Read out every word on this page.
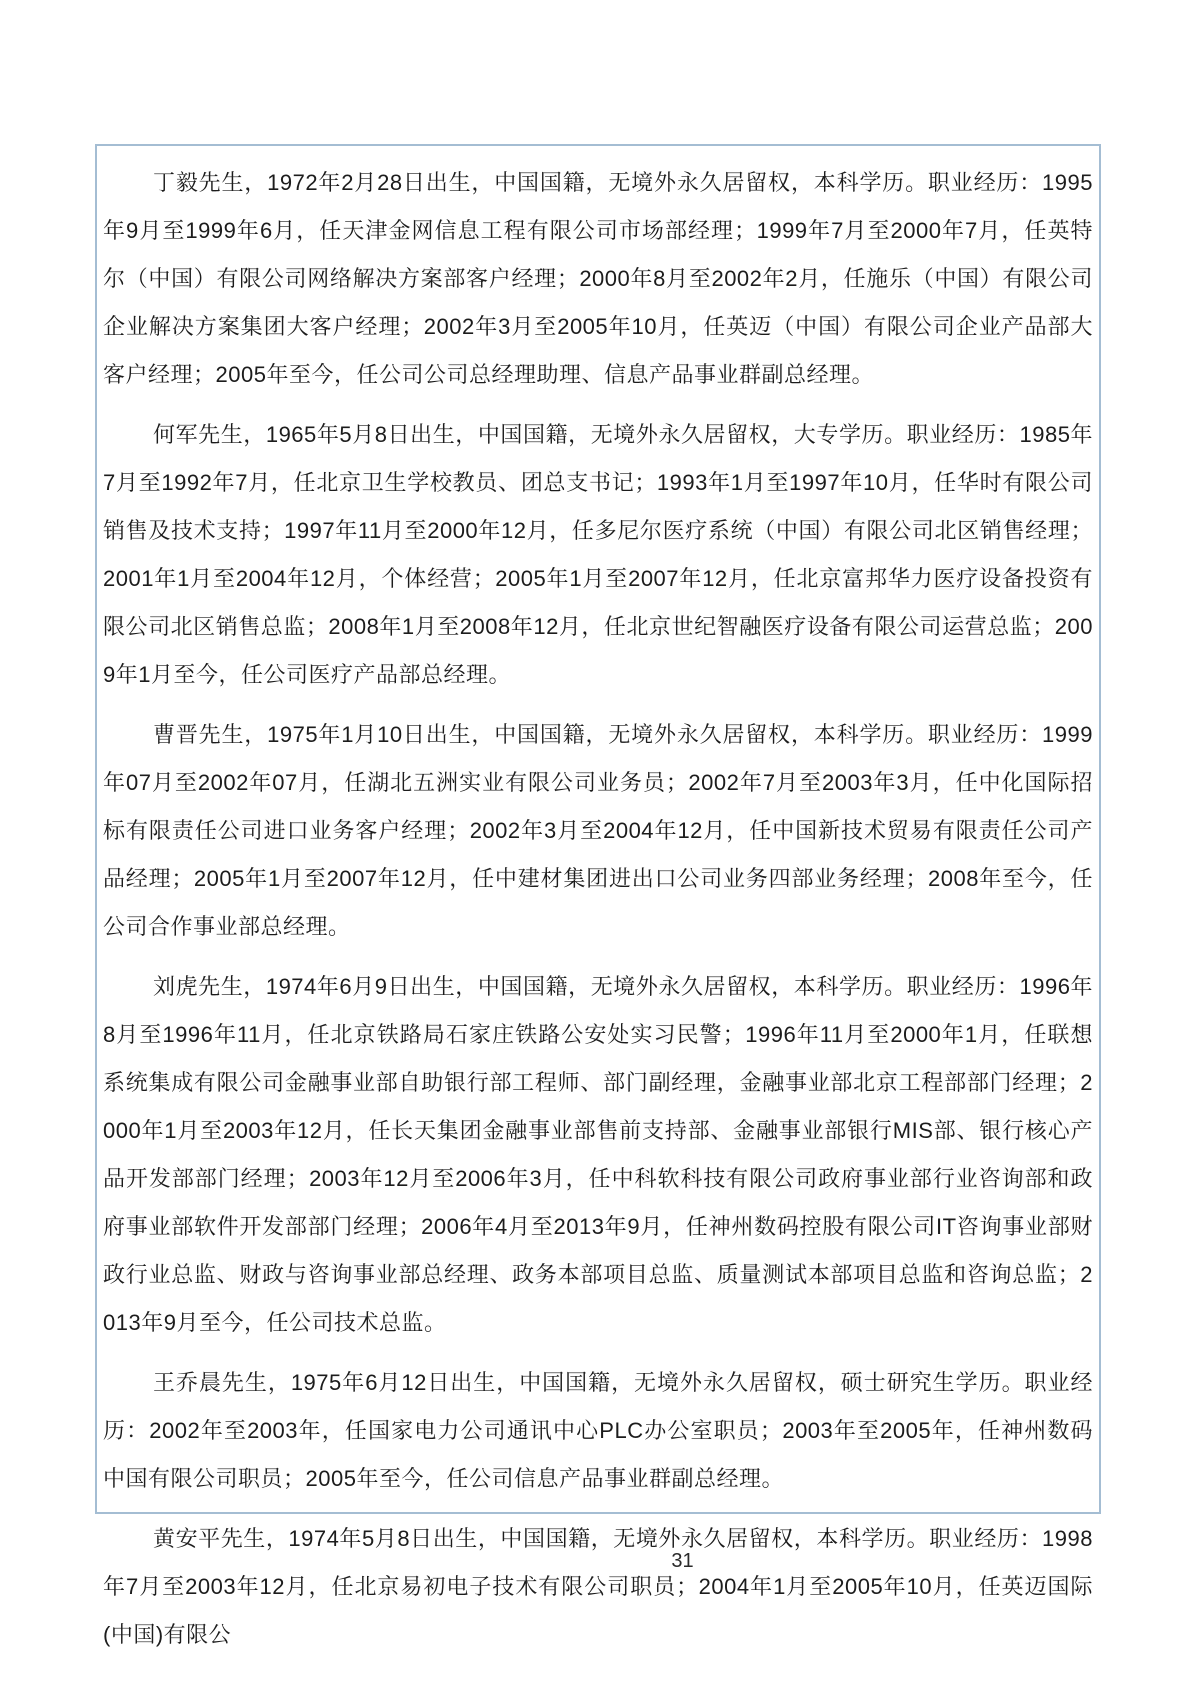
丁毅先生，1972年2月28日出生，中国国籍，无境外永久居留权，本科学历。职业经历：1995年9月至1999年6月，任天津金网信息工程有限公司市场部经理；1999年7月至2000年7月，任英特尔（中国）有限公司网络解决方案部客户经理；2000年8月至2002年2月，任施乐（中国）有限公司企业解决方案集团大客户经理；2002年3月至2005年10月，任英迈（中国）有限公司企业产品部大客户经理；2005年至今，任公司公司总经理助理、信息产品事业群副总经理。

何军先生，1965年5月8日出生，中国国籍，无境外永久居留权，大专学历。职业经历：1985年7月至1992年7月，任北京卫生学校教员、团总支书记；1993年1月至1997年10月，任华时有限公司销售及技术支持；1997年11月至2000年12月，任多尼尔医疗系统（中国）有限公司北区销售经理；2001年1月至2004年12月，个体经营；2005年1月至2007年12月，任北京富邦华力医疗设备投资有限公司北区销售总监；2008年1月至2008年12月，任北京世纪智融医疗设备有限公司运营总监；2009年1月至今，任公司医疗产品部总经理。

曹晋先生，1975年1月10日出生，中国国籍，无境外永久居留权，本科学历。职业经历：1999年07月至2002年07月，任湖北五洲实业有限公司业务员；2002年7月至2003年3月，任中化国际招标有限责任公司进口业务客户经理；2002年3月至2004年12月，任中国新技术贸易有限责任公司产品经理；2005年1月至2007年12月，任中建材集团进出口公司业务四部业务经理；2008年至今，任公司合作事业部总经理。

刘虎先生，1974年6月9日出生，中国国籍，无境外永久居留权，本科学历。职业经历：1996年8月至1996年11月，任北京铁路局石家庄铁路公安处实习民警；1996年11月至2000年1月，任联想系统集成有限公司金融事业部自助银行部工程师、部门副经理，金融事业部北京工程部部门经理；2000年1月至2003年12月，任长天集团金融事业部售前支持部、金融事业部银行MIS部、银行核心产品开发部部门经理；2003年12月至2006年3月，任中科软科技有限公司政府事业部行业咨询部和政府事业部软件开发部部门经理；2006年4月至2013年9月，任神州数码控股有限公司IT咨询事业部财政行业总监、财政与咨询事业部总经理、政务本部项目总监、质量测试本部项目总监和咨询总监；2013年9月至今，任公司技术总监。

王乔晨先生，1975年6月12日出生，中国国籍，无境外永久居留权，硕士研究生学历。职业经历：2002年至2003年，任国家电力公司通讯中心PLC办公室职员；2003年至2005年，任神州数码中国有限公司职员；2005年至今，任公司信息产品事业群副总经理。

黄安平先生，1974年5月8日出生，中国国籍，无境外永久居留权，本科学历。职业经历：1998年7月至2003年12月，任北京易初电子技术有限公司职员；2004年1月至2005年10月，任英迈国际(中国)有限公

31
